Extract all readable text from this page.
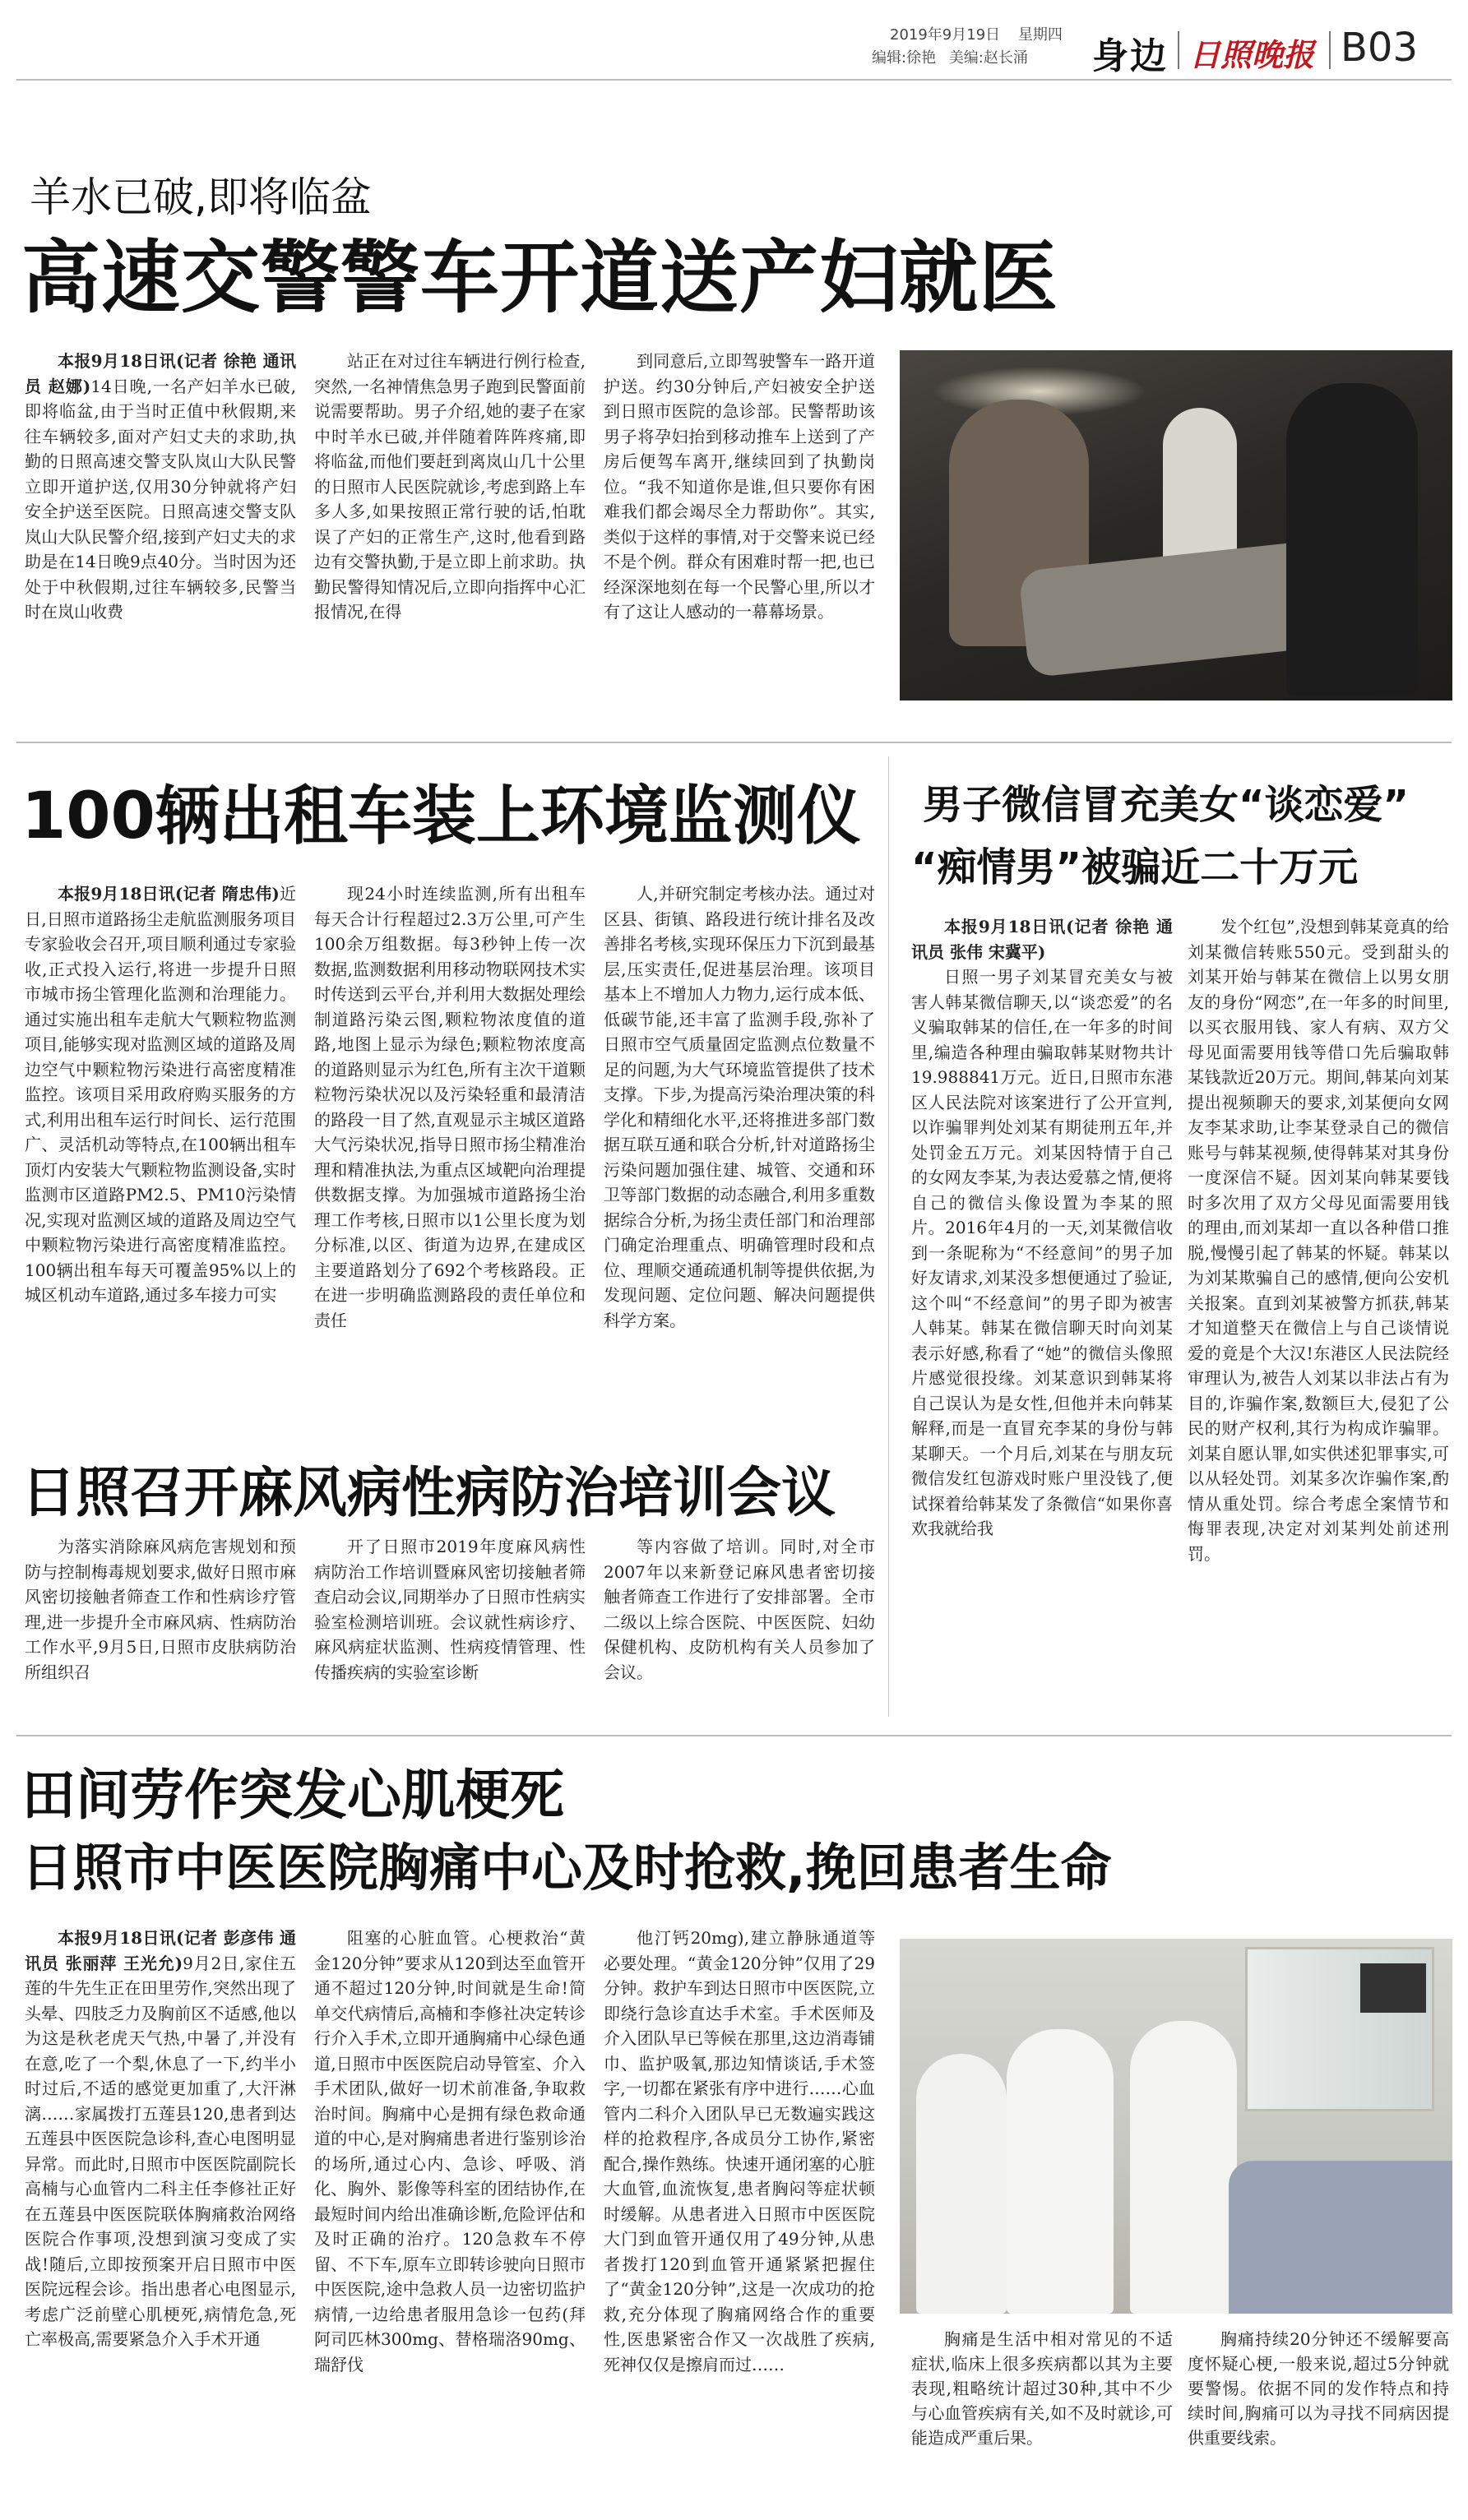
2019年9月19日 星期四
编辑:徐艳 美编:赵长涌 身边 日照晚报 B03
羊水已破,即将临盆
高速交警警车开道送产妇就医

本报9月18日讯(记者 徐艳 通讯员 赵娜)14日晚,一名产妇羊水已破,即将临盆,由于当时正值中秋假期,来往车辆较多,面对产妇丈夫的求助,执勤的日照高速交警支队岚山大队民警立即开道护送,仅用30分钟就将产妇安全护送至医院。日照高速交警支队岚山大队民警介绍,接到产妇丈夫的求助是在14日晚9点40分。当时因为还处于中秋假期,过往车辆较多,民警当时在岚山收费

站正在对过往车辆进行例行检查,突然,一名神情焦急男子跑到民警面前说需要帮助。男子介绍,她的妻子在家中时羊水已破,并伴随着阵阵疼痛,即将临盆,而他们要赶到离岚山几十公里的日照市人民医院就诊,考虑到路上车多人多,如果按照正常行驶的话,怕耽误了产妇的正常生产,这时,他看到路边有交警执勤,于是立即上前求助。执勤民警得知情况后,立即向指挥中心汇报情况,在得

到同意后,立即驾驶警车一路开道护送。约30分钟后,产妇被安全护送到日照市医院的急诊部。民警帮助该男子将孕妇抬到移动推车上送到了产房后便驾车离开,继续回到了执勤岗位。“我不知道你是谁,但只要你有困难我们都会竭尽全力帮助你”。其实,类似于这样的事情,对于交警来说已经不是个例。群众有困难时帮一把,也已经深深地刻在每一个民警心里,所以才有了这让人感动的一幕幕场景。

100辆出租车装上环境监测仪

本报9月18日讯(记者 隋忠伟)近日,日照市道路扬尘走航监测服务项目专家验收会召开,项目顺利通过专家验收,正式投入运行,将进一步提升日照市城市扬尘管理化监测和治理能力。通过实施出租车走航大气颗粒物监测项目,能够实现对监测区域的道路及周边空气中颗粒物污染进行高密度精准监控。该项目采用政府购买服务的方式,利用出租车运行时间长、运行范围广、灵活机动等特点,在100辆出租车顶灯内安装大气颗粒物监测设备,实时监测市区道路PM2.5、PM10污染情况,实现对监测区域的道路及周边空气中颗粒物污染进行高密度精准监控。100辆出租车每天可覆盖95%以上的城区机动车道路,通过多车接力可实

现24小时连续监测,所有出租车每天合计行程超过2.3万公里,可产生100余万组数据。每3秒钟上传一次数据,监测数据利用移动物联网技术实时传送到云平台,并利用大数据处理绘制道路污染云图,颗粒物浓度值的道路,地图上显示为绿色;颗粒物浓度高的道路则显示为红色,所有主次干道颗粒物污染状况以及污染轻重和最清洁的路段一目了然,直观显示主城区道路大气污染状况,指导日照市扬尘精准治理和精准执法,为重点区域靶向治理提供数据支撑。为加强城市道路扬尘治理工作考核,日照市以1公里长度为划分标准,以区、街道为边界,在建成区主要道路划分了692个考核路段。正在进一步明确监测路段的责任单位和责任

人,并研究制定考核办法。通过对区县、街镇、路段进行统计排名及改善排名考核,实现环保压力下沉到最基层,压实责任,促进基层治理。该项目基本上不增加人力物力,运行成本低、低碳节能,还丰富了监测手段,弥补了日照市空气质量固定监测点位数量不足的问题,为大气环境监管提供了技术支撑。下步,为提高污染治理决策的科学化和精细化水平,还将推进多部门数据互联互通和联合分析,针对道路扬尘污染问题加强住建、城管、交通和环卫等部门数据的动态融合,利用多重数据综合分析,为扬尘责任部门和治理部门确定治理重点、明确管理时段和点位、理顺交通疏通机制等提供依据,为发现问题、定位问题、解决问题提供科学方案。

日照召开麻风病性病防治培训会议

为落实消除麻风病危害规划和预防与控制梅毒规划要求,做好日照市麻风密切接触者筛查工作和性病诊疗管理,进一步提升全市麻风病、性病防治工作水平,9月5日,日照市皮肤病防治所组织召

开了日照市2019年度麻风病性病防治工作培训暨麻风密切接触者筛查启动会议,同期举办了日照市性病实验室检测培训班。会议就性病诊疗、麻风病症状监测、性病疫情管理、性传播疾病的实验室诊断

等内容做了培训。同时,对全市2007年以来新登记麻风患者密切接触者筛查工作进行了安排部署。全市二级以上综合医院、中医医院、妇幼保健机构、皮防机构有关人员参加了会议。

男子微信冒充美女“谈恋爱”
“痴情男”被骗近二十万元

本报9月18日讯(记者 徐艳 通讯员 张伟 宋冀平)

日照一男子刘某冒充美女与被害人韩某微信聊天,以“谈恋爱”的名义骗取韩某的信任,在一年多的时间里,编造各种理由骗取韩某财物共计19.988841万元。近日,日照市东港区人民法院对该案进行了公开宣判,以诈骗罪判处刘某有期徒刑五年,并处罚金五万元。刘某因特情于自己的女网友李某,为表达爱慕之情,便将自己的微信头像设置为李某的照片。2016年4月的一天,刘某微信收到一条昵称为“不经意间”的男子加好友请求,刘某没多想便通过了验证,这个叫“不经意间”的男子即为被害人韩某。韩某在微信聊天时向刘某表示好感,称看了“她”的微信头像照片感觉很投缘。刘某意识到韩某将自己误认为是女性,但他并未向韩某解释,而是一直冒充李某的身份与韩某聊天。一个月后,刘某在与朋友玩微信发红包游戏时账户里没钱了,便试探着给韩某发了条微信“如果你喜欢我就给我

发个红包”,没想到韩某竟真的给刘某微信转账550元。受到甜头的刘某开始与韩某在微信上以男女朋友的身份“网恋”,在一年多的时间里,以买衣服用钱、家人有病、双方父母见面需要用钱等借口先后骗取韩某钱款近20万元。期间,韩某向刘某提出视频聊天的要求,刘某便向女网友李某求助,让李某登录自己的微信账号与韩某视频,使得韩某对其身份一度深信不疑。因刘某向韩某要钱时多次用了双方父母见面需要用钱的理由,而刘某却一直以各种借口推脱,慢慢引起了韩某的怀疑。韩某以为刘某欺骗自己的感情,便向公安机关报案。直到刘某被警方抓获,韩某才知道整天在微信上与自己谈情说爱的竟是个大汉!东港区人民法院经审理认为,被告人刘某以非法占有为目的,诈骗作案,数额巨大,侵犯了公民的财产权利,其行为构成诈骗罪。刘某自愿认罪,如实供述犯罪事实,可以从轻处罚。刘某多次诈骗作案,酌情从重处罚。综合考虑全案情节和悔罪表现,决定对刘某判处前述刑罚。

田间劳作突发心肌梗死
日照市中医医院胸痛中心及时抢救,挽回患者生命

本报9月18日讯(记者 彭彦伟 通讯员 张丽萍 王光允)9月2日,家住五莲的牛先生正在田里劳作,突然出现了头晕、四肢乏力及胸前区不适感,他以为这是秋老虎天气热,中暑了,并没有在意,吃了一个梨,休息了一下,约半小时过后,不适的感觉更加重了,大汗淋漓……家属拨打五莲县120,患者到达五莲县中医医院急诊科,查心电图明显异常。而此时,日照市中医医院副院长高楠与心血管内二科主任李修社正好在五莲县中医医院联体胸痛救治网络医院合作事项,没想到演习变成了实战!随后,立即按预案开启日照市中医医院远程会诊。指出患者心电图显示,考虑广泛前壁心肌梗死,病情危急,死亡率极高,需要紧急介入手术开通

阻塞的心脏血管。心梗救治“黄金120分钟”要求从120到达至血管开通不超过120分钟,时间就是生命!简单交代病情后,高楠和李修社决定转诊行介入手术,立即开通胸痛中心绿色通道,日照市中医医院启动导管室、介入手术团队,做好一切术前准备,争取救治时间。胸痛中心是拥有绿色救命通道的中心,是对胸痛患者进行鉴别诊治的场所,通过心内、急诊、呼吸、消化、胸外、影像等科室的团结协作,在最短时间内给出准确诊断,危险评估和及时正确的治疗。120急救车不停留、不下车,原车立即转诊驶向日照市中医医院,途中急救人员一边密切监护病情,一边给患者服用急诊一包药(拜阿司匹林300mg、替格瑞洛90mg、瑞舒伐

他汀钙20mg),建立静脉通道等必要处理。“黄金120分钟”仅用了29分钟。救护车到达日照市中医医院,立即绕行急诊直达手术室。手术医师及介入团队早已等候在那里,这边消毒铺巾、监护吸氧,那边知情谈话,手术签字,一切都在紧张有序中进行……心血管内二科介入团队早已无数遍实践这样的抢救程序,各成员分工协作,紧密配合,操作熟练。快速开通闭塞的心脏大血管,血流恢复,患者胸闷等症状顿时缓解。从患者进入日照市中医医院大门到血管开通仅用了49分钟,从患者拨打120到血管开通紧紧把握住了“黄金120分钟”,这是一次成功的抢救,充分体现了胸痛网络合作的重要性,医患紧密合作又一次战胜了疾病,死神仅仅是擦肩而过……

胸痛是生活中相对常见的不适症状,临床上很多疾病都以其为主要表现,粗略统计超过30种,其中不少与心血管疾病有关,如不及时就诊,可能造成严重后果。

胸痛持续20分钟还不缓解要高度怀疑心梗,一般来说,超过5分钟就要警惕。依据不同的发作特点和持续时间,胸痛可以为寻找不同病因提供重要线索。
